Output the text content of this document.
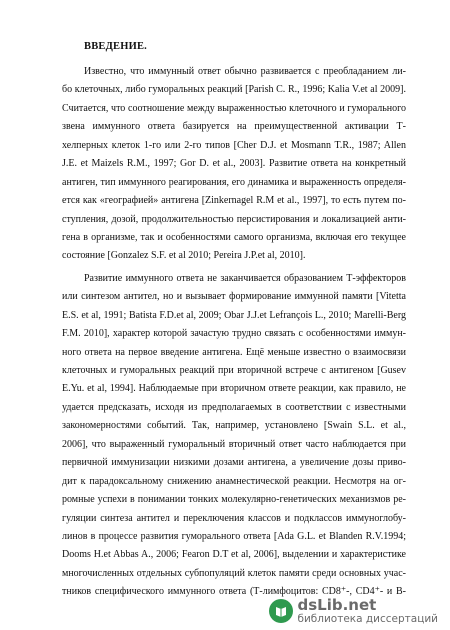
ВВЕДЕНИЕ.
Известно, что иммунный ответ обычно развивается с преобладанием ли-
бо клеточных, либо гуморальных реакций [Parish C. R., 1996; Kalia V.et al 2009].
Считается, что соотношение между выраженностью клеточного и гуморального
звена иммунного ответа базируется на преимущественной активации Т-
хелперных клеток 1-го или 2-го типов [Cher D.J. et Mosmann T.R., 1987; Allen
J.E. et Maizels R.M., 1997; Gor D. et al., 2003]. Развитие ответа на конкретный
антиген, тип иммунного реагирования, его динамика и выраженность определя-
ется как «географией» антигена [Zinkernagel R.M et al., 1997], то есть путем по-
ступления, дозой, продолжительностью персистирования и локализацией анти-
гена в организме, так и особенностями самого организма, включая его текущее
состояние [Gonzalez S.F. et al 2010; Pereira J.P.et al, 2010].
Развитие иммунного ответа не заканчивается образованием Т-эффекторов
или синтезом антител, но и вызывает формирование иммунной памяти [Vitetta
E.S. et al, 1991; Batista F.D.et al, 2009; Obar J.J.et Lefrançois L., 2010; Marelli-Berg
F.M. 2010], характер которой зачастую трудно связать с особенностями иммун-
ного ответа на первое введение антигена. Ещё меньше известно о взаимосвязи
клеточных и гуморальных реакций при вторичной встрече с антигеном [Gusev
E.Yu. et al, 1994]. Наблюдаемые при вторичном ответе реакции, как правило, не
удается предсказать, исходя из предполагаемых в соответствии с известными
закономерностями событий. Так, например, установлено [Swain S.L. et al.,
2006], что выраженный гуморальный вторичный ответ часто наблюдается при
первичной иммунизации низкими дозами антигена, а увеличение дозы приво-
дит к парадоксальному снижению анамнестической реакции. Несмотря на ог-
ромные успехи в понимании тонких молекулярно-генетических механизмов ре-
гуляции синтеза антител и переключения классов и подклассов иммуноглобу-
линов в процессе развития гуморального ответа [Ada G.L. et Blanden R.V.1994;
Dooms H.et Abbas A., 2006; Fearon D.T et al, 2006], выделении и характеристике
многочисленных отдельных субпопуляций клеток памяти среди основных учас-
тников специфического иммунного ответа (Т-лимфоцитов: CD8⁺-, CD4⁺- и В-
dsLib.net
библиотека диссертаций
